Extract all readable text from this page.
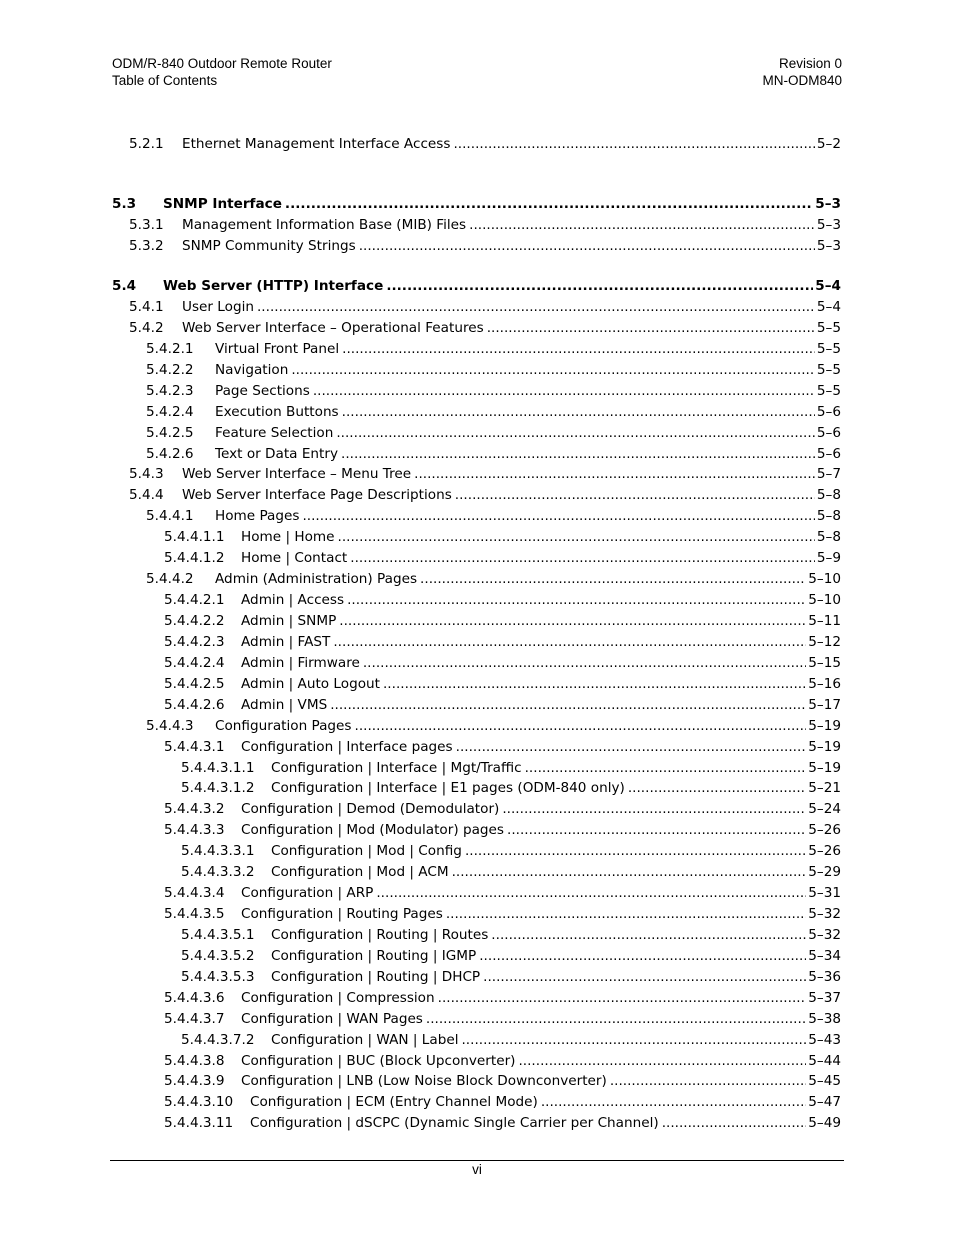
ODM/R-840 Outdoor Remote Router
Table of Contents
Revision 0
MN-ODM840
5.2.1	Ethernet Management Interface Access .....	5–2
5.3	SNMP Interface .....	5–3
5.3.1	Management Information Base (MIB) Files .....	5–3
5.3.2	SNMP Community Strings .....	5–3
5.4	Web Server (HTTP) Interface .....	5–4
5.4.1	User Login .....	5–4
5.4.2	Web Server Interface – Operational Features .....	5–5
5.4.2.1	Virtual Front Panel .....	5–5
5.4.2.2	Navigation .....	5–5
5.4.2.3	Page Sections .....	5–5
5.4.2.4	Execution Buttons .....	5–6
5.4.2.5	Feature Selection .....	5–6
5.4.2.6	Text or Data Entry .....	5–6
5.4.3	Web Server Interface – Menu Tree .....	5–7
5.4.4	Web Server Interface Page Descriptions .....	5–8
5.4.4.1	Home Pages .....	5–8
5.4.4.1.1	Home | Home .....	5–8
5.4.4.1.2	Home | Contact .....	5–9
5.4.4.2	Admin (Administration) Pages .....	5–10
5.4.4.2.1	Admin | Access .....	5–10
5.4.4.2.2	Admin | SNMP .....	5–11
5.4.4.2.3	Admin | FAST .....	5–12
5.4.4.2.4	Admin | Firmware .....	5–15
5.4.4.2.5	Admin | Auto Logout .....	5–16
5.4.4.2.6	Admin | VMS .....	5–17
5.4.4.3	Configuration Pages .....	5–19
5.4.4.3.1	Configuration | Interface pages .....	5–19
5.4.4.3.1.1	Configuration | Interface | Mgt/Traffic .....	5–19
5.4.4.3.1.2	Configuration | Interface | E1 pages (ODM-840 only) .....	5–21
5.4.4.3.2	Configuration | Demod (Demodulator) .....	5–24
5.4.4.3.3	Configuration | Mod (Modulator) pages .....	5–26
5.4.4.3.3.1	Configuration | Mod | Config .....	5–26
5.4.4.3.3.2	Configuration | Mod | ACM .....	5–29
5.4.4.3.4	Configuration | ARP .....	5–31
5.4.4.3.5	Configuration | Routing Pages .....	5–32
5.4.4.3.5.1	Configuration | Routing | Routes .....	5–32
5.4.4.3.5.2	Configuration | Routing | IGMP .....	5–34
5.4.4.3.5.3	Configuration | Routing | DHCP .....	5–36
5.4.4.3.6	Configuration | Compression .....	5–37
5.4.4.3.7	Configuration | WAN Pages .....	5–38
5.4.4.3.7.2	Configuration | WAN | Label .....	5–43
5.4.4.3.8	Configuration | BUC (Block Upconverter) .....	5–44
5.4.4.3.9	Configuration | LNB (Low Noise Block Downconverter) .....	5–45
5.4.4.3.10	Configuration | ECM (Entry Channel Mode) .....	5–47
5.4.4.3.11	Configuration | dSCPC (Dynamic Single Carrier per Channel) .....	5–49
vi
